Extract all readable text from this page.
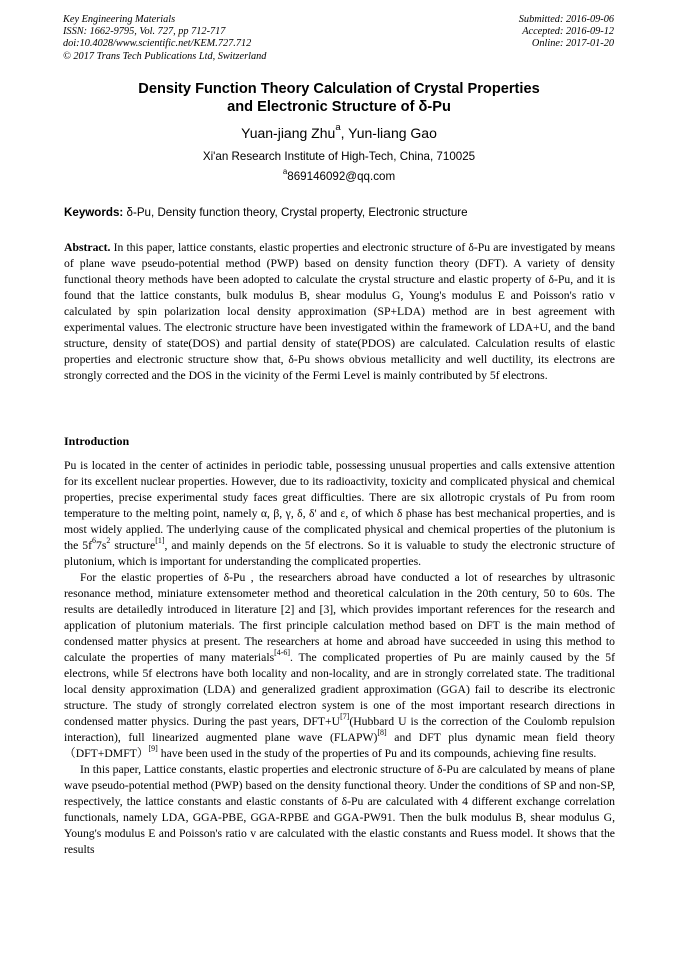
Key Engineering Materials
ISSN: 1662-9795, Vol. 727, pp 712-717
doi:10.4028/www.scientific.net/KEM.727.712
© 2017 Trans Tech Publications Ltd, Switzerland
Submitted: 2016-09-06
Accepted: 2016-09-12
Online: 2017-01-20
Density Function Theory Calculation of Crystal Properties
and Electronic Structure of δ-Pu
Yuan-jiang Zhu$^a$, Yun-liang Gao
Xi'an Research Institute of High-Tech, China, 710025
$^a$869146092@qq.com
Keywords: δ-Pu, Density function theory, Crystal property, Electronic structure

Abstract. In this paper, lattice constants, elastic properties and electronic structure of δ-Pu are investigated by means of plane wave pseudo-potential method (PWP) based on density function theory (DFT). A variety of density functional theory methods have been adopted to calculate the crystal structure and elastic property of δ-Pu, and it is found that the lattice constants, bulk modulus B, shear modulus G, Young's modulus E and Poisson's ratio v calculated by spin polarization local density approximation (SP+LDA) method are in best agreement with experimental values. The electronic structure have been investigated within the framework of LDA+U, and the band structure, density of state(DOS) and partial density of state(PDOS) are calculated. Calculation results of elastic properties and electronic structure show that, δ-Pu shows obvious metallicity and well ductility, its electrons are strongly corrected and the DOS in the vicinity of the Fermi Level is mainly contributed by 5f electrons.

Introduction

Pu is located in the center of actinides in periodic table, possessing unusual properties and calls extensive attention for its excellent nuclear properties. However, due to its radioactivity, toxicity and complicated physical and chemical properties, precise experimental study faces great difficulties. There are six allotropic crystals of Pu from room temperature to the melting point, namely α, β, γ, δ, δ' and ε, of which δ phase has best mechanical properties, and is most widely applied. The underlying cause of the complicated physical and chemical properties of the plutonium is the $5f^67s^2$ structure[1], and mainly depends on the 5f electrons. So it is valuable to study the electronic structure of plutonium, which is important for understanding the complicated properties.

For the elastic properties of δ-Pu , the researchers abroad have conducted a lot of researches by ultrasonic resonance method, miniature extensometer method and theoretical calculation in the 20th century, 50 to 60s. The results are detailedly introduced in literature [2] and [3], which provides important references for the research and application of plutonium materials. The first principle calculation method based on DFT is the main method of condensed matter physics at present. The researchers at home and abroad have succeeded in using this method to calculate the properties of many materials[4-6]. The complicated properties of Pu are mainly caused by the 5f electrons, while 5f electrons have both locality and non-locality, and are in strongly correlated state. The traditional local density approximation (LDA) and generalized gradient approximation (GGA) fail to describe its electronic structure. The study of strongly correlated electron system is one of the most important research directions in condensed matter physics. During the past years, DFT+U[7](Hubbard U is the correction of the Coulomb repulsion interaction), full linearized augmented plane wave (FLAPW)[8] and DFT plus dynamic mean field theory（DFT+DMFT）[9] have been used in the study of the properties of Pu and its compounds, achieving fine results.

In this paper, Lattice constants, elastic properties and electronic structure of δ-Pu are calculated by means of plane wave pseudo-potential method (PWP) based on the density functional theory. Under the conditions of SP and non-SP, respectively, the lattice constants and elastic constants of δ-Pu are calculated with 4 different exchange correlation functionals, namely LDA, GGA-PBE, GGA-RPBE and GGA-PW91. Then the bulk modulus B, shear modulus G, Young's modulus E and Poisson's ratio v are calculated with the elastic constants and Ruess model. It shows that the results
